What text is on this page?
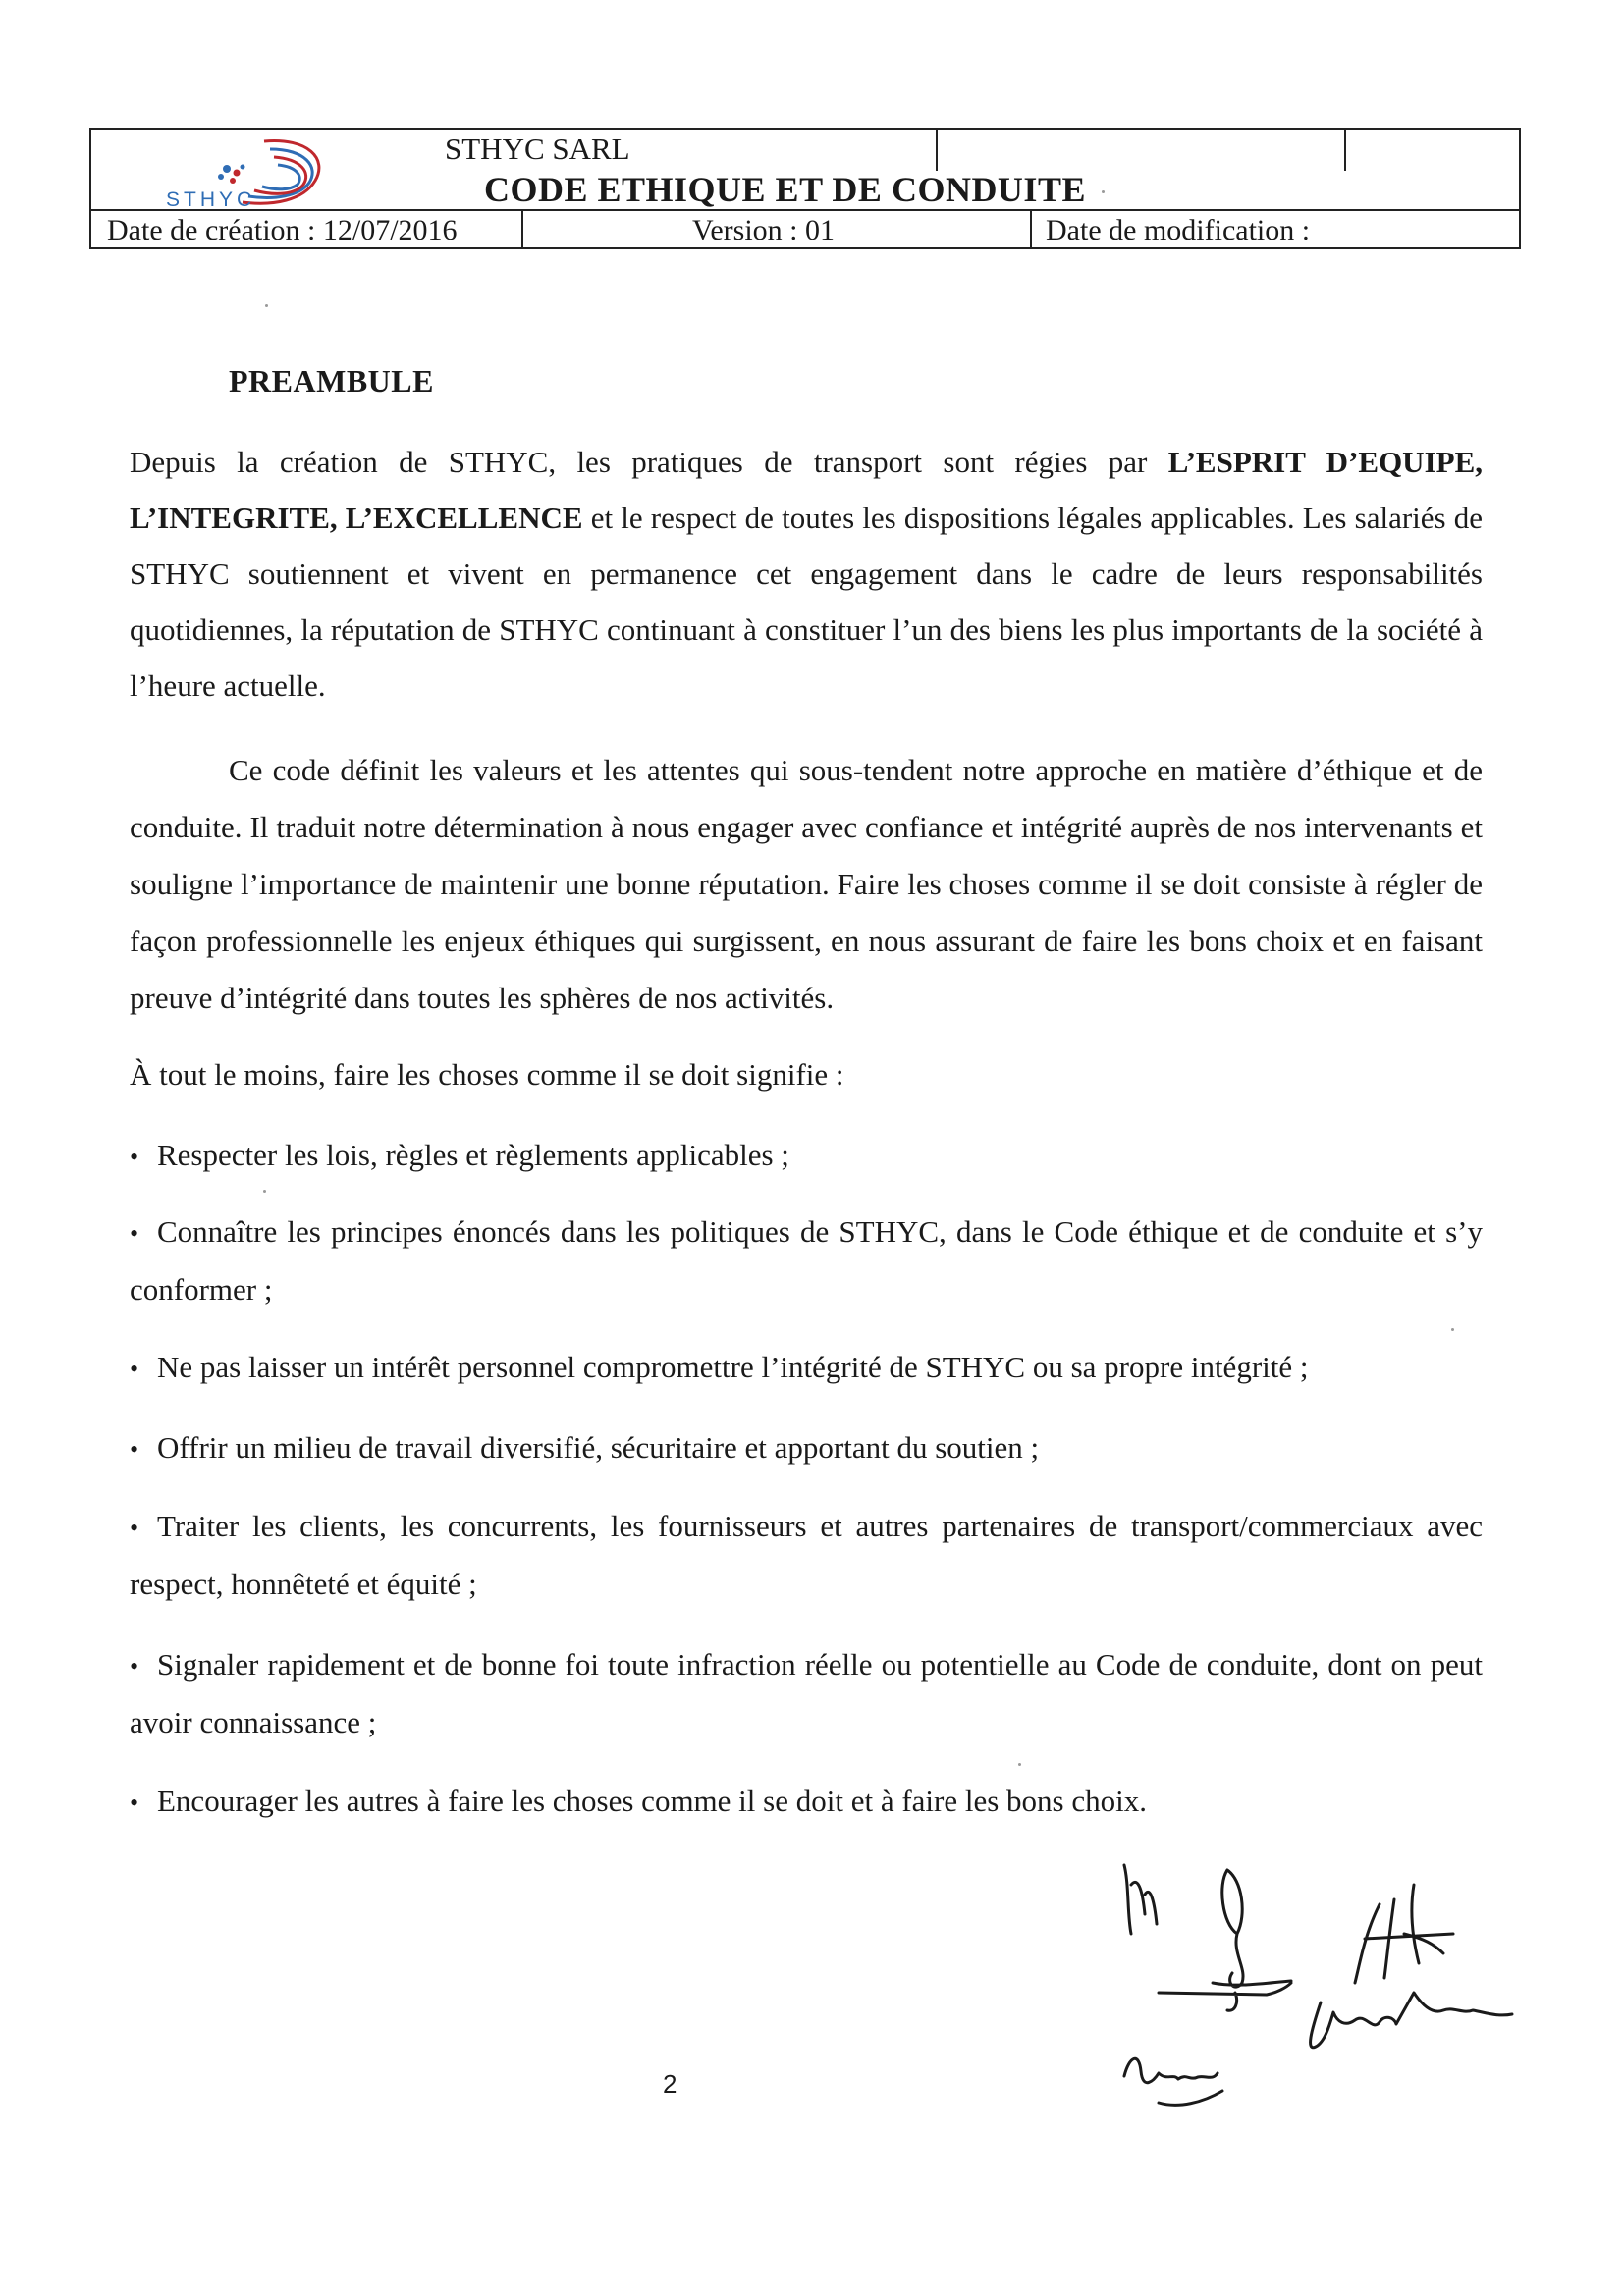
STHYC
STHYC SARL
CODE ETHIQUE ET DE CONDUITE
Date de création : 12/07/2016	Version : 01	Date de modification :
PREAMBULE
Depuis la création de STHYC, les pratiques de transport sont régies par L’ESPRIT D’EQUIPE, L’INTEGRITE, L’EXCELLENCE et le respect de toutes les dispositions légales applicables. Les salariés de STHYC soutiennent et vivent en permanence cet engagement dans le cadre de leurs responsabilités quotidiennes, la réputation de STHYC continuant à constituer l’un des biens les plus importants de la société à l’heure actuelle.
Ce code définit les valeurs et les attentes qui sous-tendent notre approche en matière d’éthique et de conduite. Il traduit notre détermination à nous engager avec confiance et intégrité auprès de nos intervenants et souligne l’importance de maintenir une bonne réputation. Faire les choses comme il se doit consiste à régler de façon professionnelle les enjeux éthiques qui surgissent, en nous assurant de faire les bons choix et en faisant preuve d’intégrité dans toutes les sphères de nos activités.
À tout le moins, faire les choses comme il se doit signifie :
• Respecter les lois, règles et règlements applicables ;
• Connaître les principes énoncés dans les politiques de STHYC, dans le Code éthique et de conduite et s’y conformer ;
• Ne pas laisser un intérêt personnel compromettre l’intégrité de STHYC ou sa propre intégrité ;
• Offrir un milieu de travail diversifié, sécuritaire et apportant du soutien ;
• Traiter les clients, les concurrents, les fournisseurs et autres partenaires de transport/commerciaux avec respect, honnêteté et équité ;
• Signaler rapidement et de bonne foi toute infraction réelle ou potentielle au Code de conduite, dont on peut avoir connaissance ;
• Encourager les autres à faire les choses comme il se doit et à faire les bons choix.
2
